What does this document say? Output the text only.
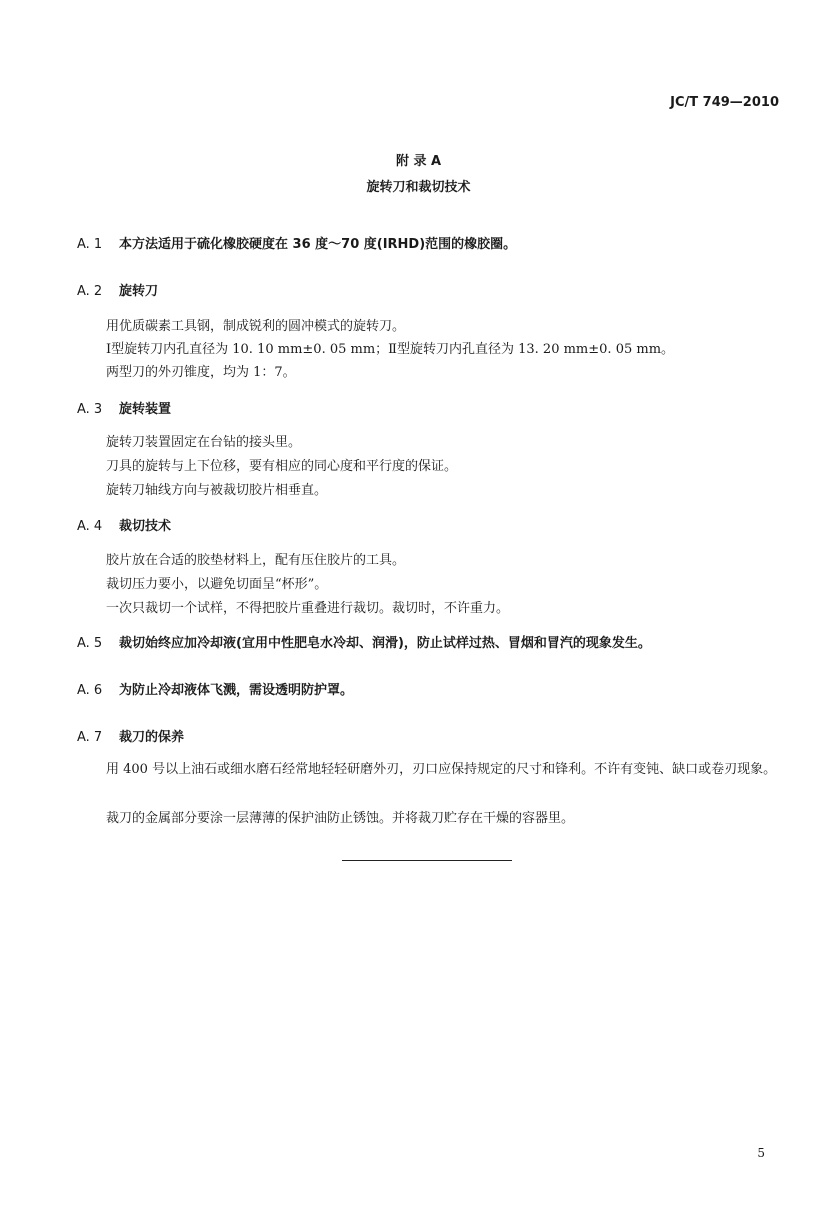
JC/T 749—2010
附 录 A
旋转刀和裁切技术
A. 1 本方法适用于硫化橡胶硬度在 36 度～70 度(IRHD)范围的橡胶圈。
A. 2 旋转刀
用优质碳素工具钢，制成锐利的圆冲模式的旋转刀。
Ⅰ型旋转刀内孔直径为 10. 10 mm±0. 05 mm；Ⅱ型旋转刀内孔直径为 13. 20 mm±0. 05 mm。
两型刀的外刃锥度，均为 1：7。
A. 3 旋转装置
旋转刀装置固定在台钻的接头里。
刀具的旋转与上下位移，要有相应的同心度和平行度的保证。
旋转刀轴线方向与被裁切胶片相垂直。
A. 4 裁切技术
胶片放在合适的胶垫材料上，配有压住胶片的工具。
裁切压力要小，以避免切面呈“杯形”。
一次只裁切一个试样，不得把胶片重叠进行裁切。裁切时，不许重力。
A. 5 裁切始终应加冷却液(宜用中性肥皂水冷却、润滑)，防止试样过热、冒烟和冒汽的现象发生。
A. 6 为防止冷却液体飞溅，需设透明防护罩。
A. 7 裁刀的保养
用 400 号以上油石或细水磨石经常地轻轻研磨外刃，刃口应保持规定的尺寸和锋利。不许有变钝、缺口或卷刃现象。
裁刀的金属部分要涂一层薄薄的保护油防止锈蚀。并将裁刀贮存在干燥的容器里。
5
